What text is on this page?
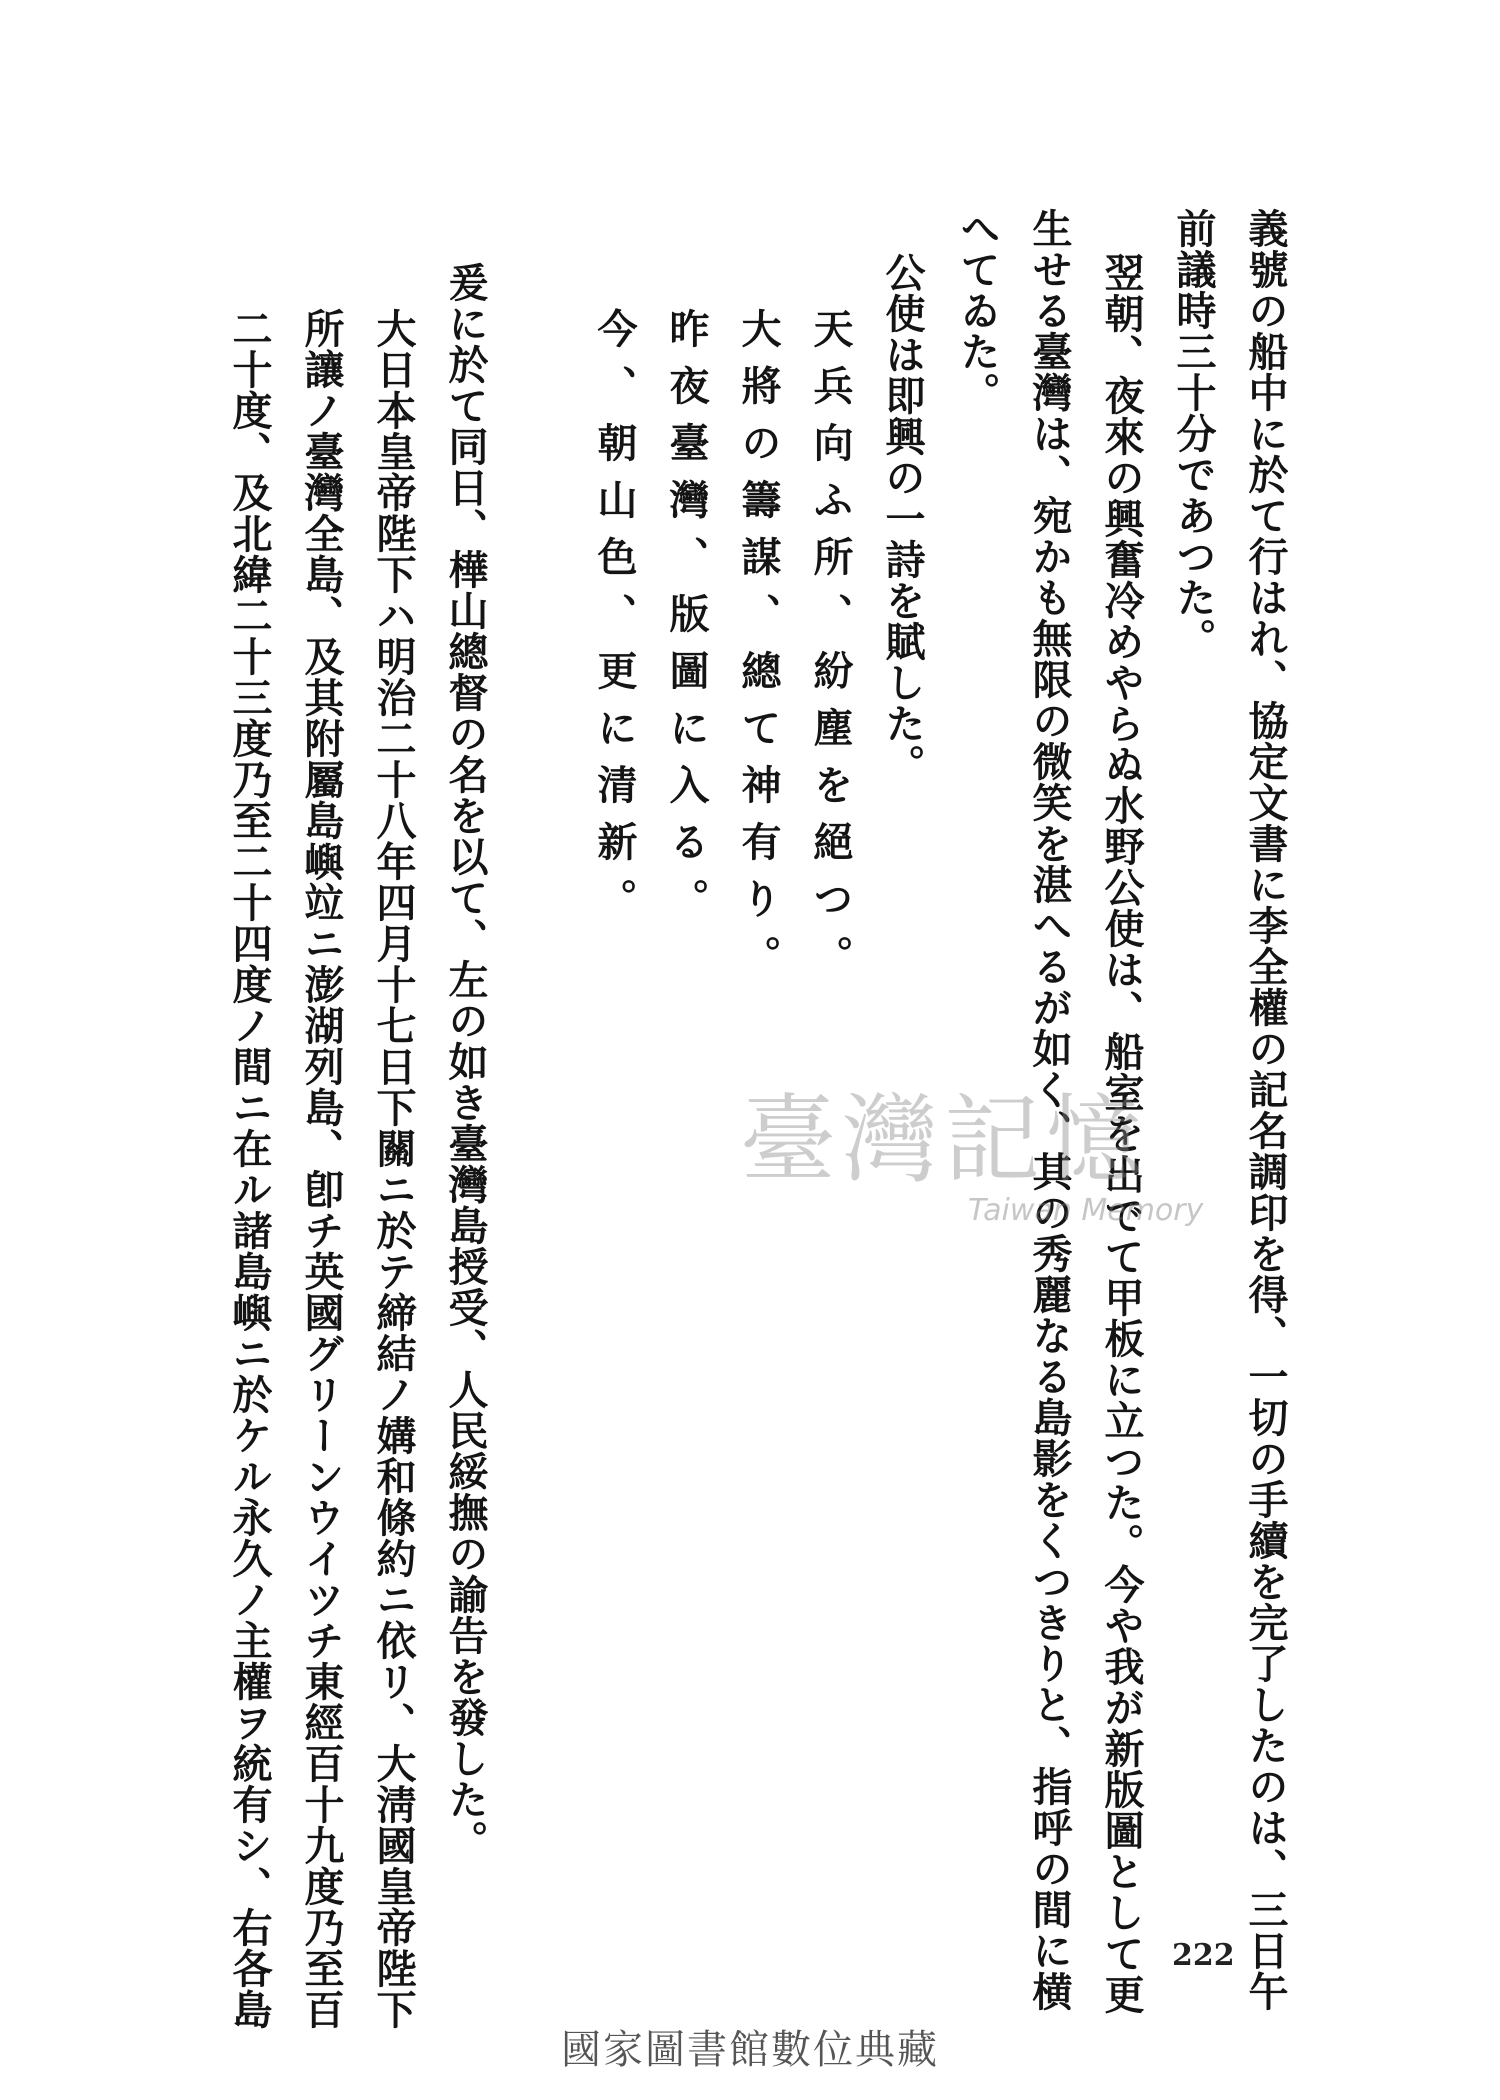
義號の船中に於て行はれ、協定文書に李全權の記名調印を得、一切の手續を完了したのは、三日午
前議時三十分であつた。
翌朝、夜來の興奮冷めやらぬ水野公使は、船室を出でて甲板に立つた。今や我が新版圖として更
生せる臺灣は、宛かも無限の微笑を湛へるが如く、其の秀麗なる島影をくつきりと、指呼の間に横
へてゐた。
公使は即興の一詩を賦した。
天兵向ふ所、紛塵を絕つ。
大將の籌謀、總て神有り。
昨夜臺灣、版圖に入る。
今、朝山色、更に清新。
爰に於て同日、樺山總督の名を以て、左の如き臺灣島授受、人民綏撫の諭告を發した。
大日本皇帝陛下ハ明治二十八年四月十七日下關ニ於テ締結ノ媾和條約ニ依リ、大淸國皇帝陛下
所讓ノ臺灣全島、及其附屬島嶼竝ニ澎湖列島、卽チ英國グリーンウイツチ東經百十九度乃至百
二十度、及北緯二十三度乃至二十四度ノ間ニ在ル諸島嶼ニ於ケル永久ノ主權ヲ統有シ、右各島	臺灣記憶
Taiwan Memory
222
國家圖書館數位典藏
